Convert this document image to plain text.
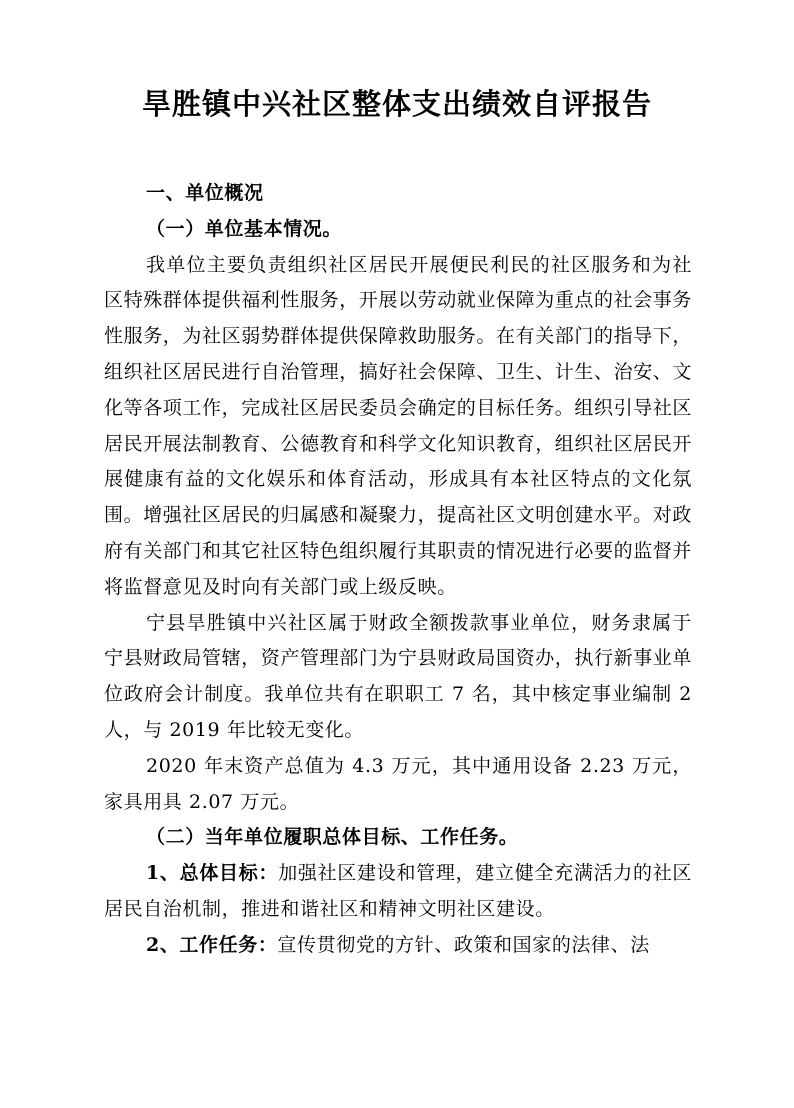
旱胜镇中兴社区整体支出绩效自评报告

一、单位概况

（一）单位基本情况。

我单位主要负责组织社区居民开展便民利民的社区服务和为社区特殊群体提供福利性服务，开展以劳动就业保障为重点的社会事务性服务，为社区弱势群体提供保障救助服务。在有关部门的指导下，组织社区居民进行自治管理，搞好社会保障、卫生、计生、治安、文化等各项工作，完成社区居民委员会确定的目标任务。组织引导社区居民开展法制教育、公德教育和科学文化知识教育，组织社区居民开展健康有益的文化娱乐和体育活动，形成具有本社区特点的文化氛围。增强社区居民的归属感和凝聚力，提高社区文明创建水平。对政府有关部门和其它社区特色组织履行其职责的情况进行必要的监督并将监督意见及时向有关部门或上级反映。

宁县旱胜镇中兴社区属于财政全额拨款事业单位，财务隶属于宁县财政局管辖，资产管理部门为宁县财政局国资办，执行新事业单位政府会计制度。我单位共有在职职工 7 名，其中核定事业编制 2 人，与 2019 年比较无变化。

2020 年末资产总值为 4.3 万元，其中通用设备 2.23 万元，家具用具 2.07 万元。

（二）当年单位履职总体目标、工作任务。

1、总体目标：加强社区建设和管理，建立健全充满活力的社区居民自治机制，推进和谐社区和精神文明社区建设。

2、工作任务：宣传贯彻党的方针、政策和国家的法律、法
